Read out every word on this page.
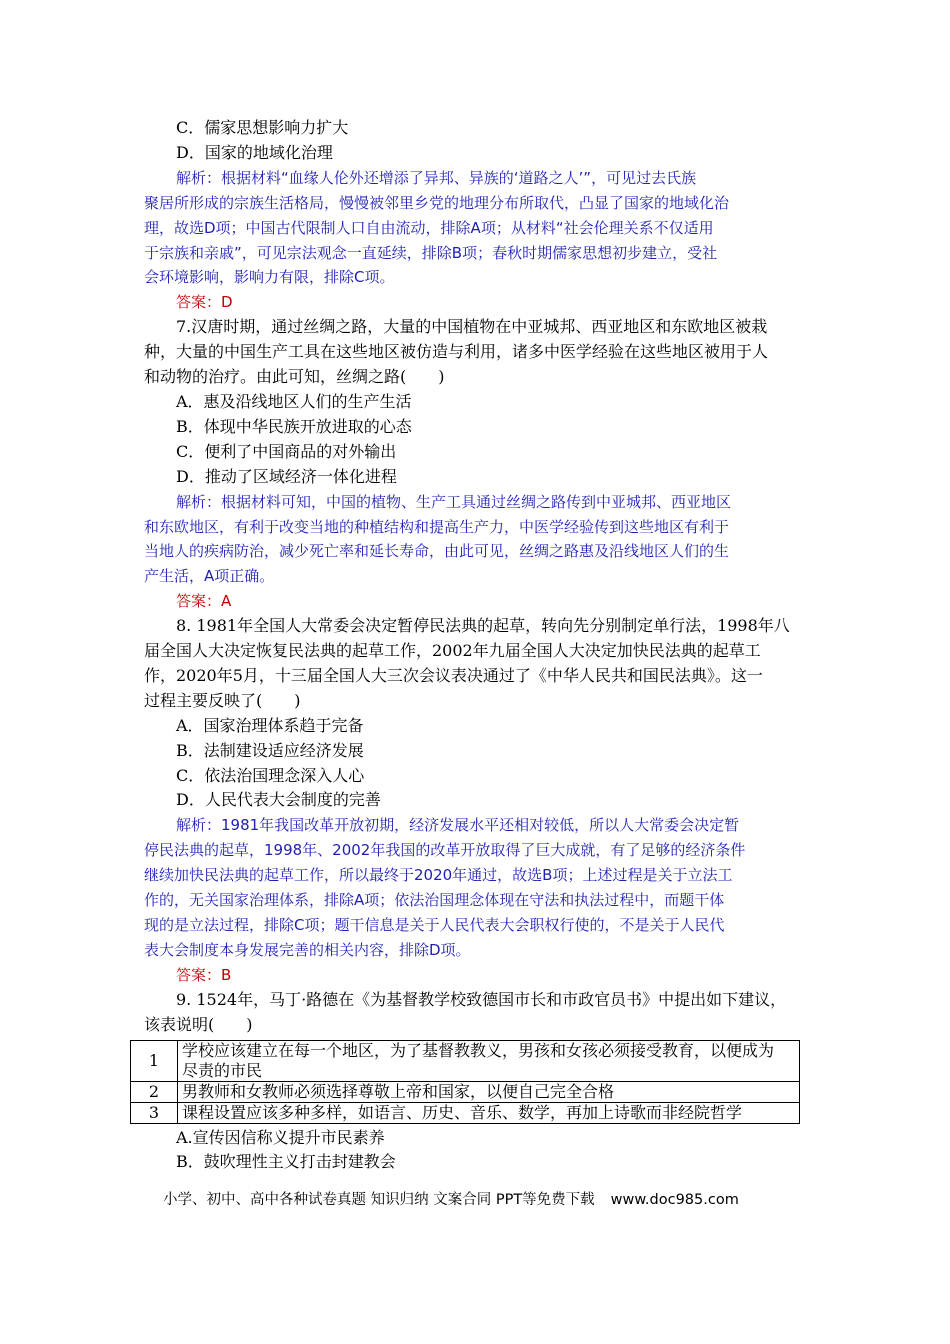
C．儒家思想影响力扩大
D．国家的地域化治理
解析：根据材料“血缘人伦外还增添了异邦、异族的‘道路之人’”，可见过去氏族
聚居所形成的宗族生活格局，慢慢被邻里乡党的地理分布所取代，凸显了国家的地域化治
理，故选D项；中国古代限制人口自由流动，排除A项；从材料“社会伦理关系不仅适用
于宗族和亲戚”，可见宗法观念一直延续，排除B项；春秋时期儒家思想初步建立，受社
会环境影响，影响力有限，排除C项。
答案：D
7.汉唐时期，通过丝绸之路，大量的中国植物在中亚城邦、西亚地区和东欧地区被栽
种，大量的中国生产工具在这些地区被仿造与利用，诸多中医学经验在这些地区被用于人
和动物的治疗。由此可知，丝绸之路(　　)
A．惠及沿线地区人们的生产生活
B．体现中华民族开放进取的心态
C．便利了中国商品的对外输出
D．推动了区域经济一体化进程
解析：根据材料可知，中国的植物、生产工具通过丝绸之路传到中亚城邦、西亚地区
和东欧地区，有利于改变当地的种植结构和提高生产力，中医学经验传到这些地区有利于
当地人的疾病防治，减少死亡率和延长寿命，由此可见，丝绸之路惠及沿线地区人们的生
产生活，A项正确。
答案：A
8. 1981年全国人大常委会决定暂停民法典的起草，转向先分别制定单行法，1998年八
届全国人大决定恢复民法典的起草工作，2002年九届全国人大决定加快民法典的起草工
作，2020年5月，十三届全国人大三次会议表决通过了《中华人民共和国民法典》。这一
过程主要反映了(　　)
A．国家治理体系趋于完备
B．法制建设适应经济发展
C．依法治国理念深入人心
D．人民代表大会制度的完善
解析：1981年我国改革开放初期，经济发展水平还相对较低，所以人大常委会决定暂
停民法典的起草，1998年、2002年我国的改革开放取得了巨大成就，有了足够的经济条件
继续加快民法典的起草工作，所以最终于2020年通过，故选B项；上述过程是关于立法工
作的，无关国家治理体系，排除A项；依法治国理念体现在守法和执法过程中，而题干体
现的是立法过程，排除C项；题干信息是关于人民代表大会职权行使的，不是关于人民代
表大会制度本身发展完善的相关内容，排除D项。
答案：B
9. 1524年，马丁·路德在《为基督教学校致德国市长和市政官员书》中提出如下建议，
该表说明(　　)
1	学校应该建立在每一个地区，为了基督教教义，男孩和女孩必须接受教育，以便成为
尽责的市民

2	男教师和女教师必须选择尊敬上帝和国家，以便自己完全合格

3	课程设置应该多种多样，如语言、历史、音乐、数学，再加上诗歌而非经院哲学
A.宣传因信称义提升市民素养
B．鼓吹理性主义打击封建教会
小学、初中、高中各种试卷真题 知识归纳 文案合同 PPT等免费下载 www.doc985.com
